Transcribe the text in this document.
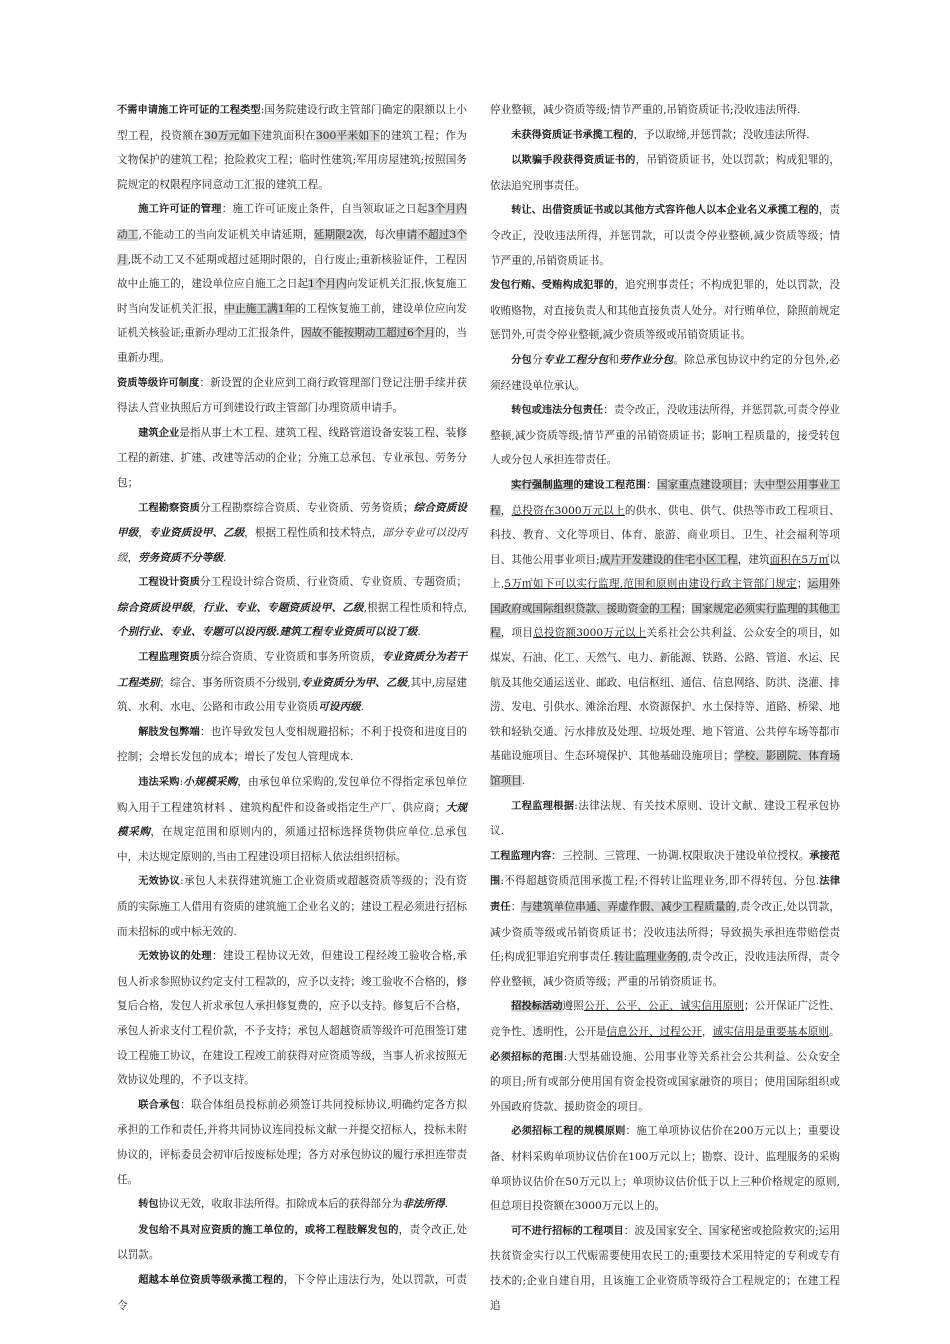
不需申请施工许可证的工程类型:国务院建设行政主管部门确定的限额以上小型工程，投资额在30万元如下建筑面积在300平米如下的建筑工程；作为文物保护的建筑工程；抢险救灾工程；临时性建筑;军用房屋建筑;按照国务院规定的权限程序同意动工汇报的建筑工程。

施工许可证的管理：施工许可证废止条件，自当领取证之日起3个月内动工,不能动工的当向发证机关申请延期，延期限2次，每次申请不超过3个月,既不动工又不延期或超过延期时限的，自行废止;重新核验证件，工程因故中止施工的，建设单位应自施工之日起1个月内向发证机关汇报,恢复施工时当向发证机关汇报，中止施工满1年的工程恢复施工前，建设单位应向发证机关核验证;重新办理动工汇报条件，因故不能按期动工超过6个月的，当重新办理。

资质等级许可制度：新设置的企业应到工商行政管理部门登记注册手续并获得法人营业执照后方可到建设行政主管部门办理资质申请手。

建筑企业是指从事土木工程、建筑工程、线路管道设备安装工程、装修工程的新建、扩建、改建等活动的企业；分施工总承包、专业承包、劳务分包；

工程勘察资质分工程勘察综合资质、专业资质、劳务资质；综合资质设甲级，专业资质设甲、乙级，根据工程性质和技术特点，部分专业可以设丙级，劳务资质不分等级.

工程设计资质分工程设计综合资质、行业资质、专业资质、专题资质；综合资质设甲级，行业、专业、专题资质设甲、乙级,根据工程性质和特点,个别行业、专业、专题可以设丙级.建筑工程专业资质可以设丁级.

工程监理资质分综合资质、专业资质和事务所资质，专业资质分为若干工程类别；综合、事务所资质不分级别,专业资质分为甲、乙级,其中,房屋建筑、水利、水电、公路和市政公用专业资质可设丙级.

解肢发包弊端：也许导致发包人变相规避招标；不利于投资和进度目的控制；会增长发包的成本；增长了发包人管理成本.

违法采购:小规模采购，由承包单位采购的,发包单位不得指定承包单位购入用于工程建筑材料 、建筑构配件和设备或指定生产厂、供应商；大规模采购，在规定范围和原则内的，须通过招标选择货物供应单位.总承包中，未达规定原则的,当由工程建设项目招标人依法组织招标。

无效协议:承包人未获得建筑施工企业资质或超越资质等级的；没有资质的实际施工人借用有资质的建筑施工企业名义的；建设工程必须进行招标而未招标的或中标无效的.

无效协议的处理：建设工程协议无效，但建设工程经竣工验收合格,承包人祈求参照协议约定支付工程款的，应予以支持；竣工验收不合格的，修复后合格，发包人祈求承包人承担修复费的，应予以支持。修复后不合格，承包人祈求支付工程价款，不予支持；承包人超越资质等级许可范围签订建设工程施工协议，在建设工程竣工前获得对应资质等级，当事人祈求按照无效协议处理的，不予以支持。

联合承包：联合体组员投标前必须签订共同投标协议,明确约定各方拟承担的工作和责任,并将共同协议连同投标文献一并提交招标人，投标未附协议的，评标委员会初审后按废标处理；各方对承包协议的履行承担连带责任。

转包协议无效，收取非法所得。扣除成本后的获得部分为非法所得.

发包给不具对应资质的施工单位的，或将工程肢解发包的，责令改正,处以罚款。

超越本单位资质等级承揽工程的，下令停止违法行为，处以罚款，可责令

停业整顿，减少资质等级;情节严重的,吊销资质证书;没收违法所得.

未获得资质证书承揽工程的，予以取缔,并惩罚款；没收违法所得.

以欺骗手段获得资质证书的，吊销资质证书，处以罚款；构成犯罪的，依法追究刑事责任。

转让、出借资质证书或以其他方式容许他人以本企业名义承揽工程的，责令改正，没收违法所得，并惩罚款，可以责令停业整顿,减少资质等级；情节严重的,吊销资质证书。

发包行贿、受贿构成犯罪的，追究刑事责任；不构成犯罪的，处以罚款，没收贿赂物，对直接负责人和其他直接负责人处分。对行贿单位，除照前规定惩罚外,可责令停业整顿,减少资质等级或吊销资质证书。

分包分专业工程分包和劳作业分包。除总承包协议中约定的分包外,必须经建设单位承认。

转包或违法分包责任：责令改正，没收违法所得，并惩罚款,可责令停业整顿,减少资质等级;情节严重的吊销资质证书；影响工程质量的，接受转包人或分包人承担连带责任。

实行强制监理的建设工程范围：国家重点建设项目；大中型公用事业工程，总投资在3000万元以上的供水、供电、供气、供热等市政工程项目、科技、教育、文化等项目、体育、旅游、商业项目、卫生、社会福利等项目、其他公用事业项目;成片开发建设的住宅小区工程，建筑面积在5万㎡以上,5万㎡如下可以实行监理,范围和原则由建设行政主管部门规定；运用外国政府或国际组织贷款、援助资金的工程；国家规定必须实行监理的其他工程，项目总投资额3000万元以上关系社会公共利益、公众安全的项目，如煤炭、石油、化工、天然气、电力、新能源、铁路、公路、管道、水运、民航及其他交通运送业、邮政、电信枢纽、通信、信息网络、防洪、浇灌、排涝、发电、引供水、滩涂治理、水资源保护、水土保持等、道路、桥梁、地铁和轻轨交通、污水排放及处理、垃圾处理、地下管道、公共停车场等都市基础设施项目、生态环境保护、其他基础设施项目；学校、影剧院、体育场馆项目.

工程监理根据:法律法规、有关技术原则、设计文献、建设工程承包协议.

工程监理内容：三控制、三管理、一协调.权限取决于建设单位授权。承接范围:不得超越资质范围承揽工程;不得转让监理业务,即不得转包、分包.法律责任：与建筑单位串通、弄虚作假、减少工程质量的,责令改正,处以罚款，减少资质等级或吊销资质证书；没收违法所得；导致损失承担连带赔偿责任;构成犯罪追究刑事责任.转让监理业务的,责令改正，没收违法所得，责令停业整顿，减少资质等级；严重的吊销资质证书。

招投标活动遵照公开、公平、公正、诚实信用原则；公开保证广泛性、竞争性、透明性，公开是信息公开、过程公开，诚实信用是重要基本原则。

必须招标的范围:大型基础设施、公用事业等关系社会公共利益、公众安全的项目;所有或部分使用国有资金投资或国家融资的项目；使用国际组织或外国政府贷款、援助资金的项目。

必须招标工程的规模原则：施工单项协议估价在200万元以上；重要设备、材料采购单项协议估价在100万元以上；勘察、设计、监理服务的采购单项协议估价在50万元以上；单项协议估价低于以上三种价格规定的原则,但总项目投资额在3000万元以上的。

可不进行招标的工程项目：波及国家安全、国家秘密或抢险救灾的;运用扶贫资金实行以工代赈需要使用农民工的;重要技术采用特定的专利或专有技术的;企业自建自用，且该施工企业资质等级符合工程规定的；在建工程追
